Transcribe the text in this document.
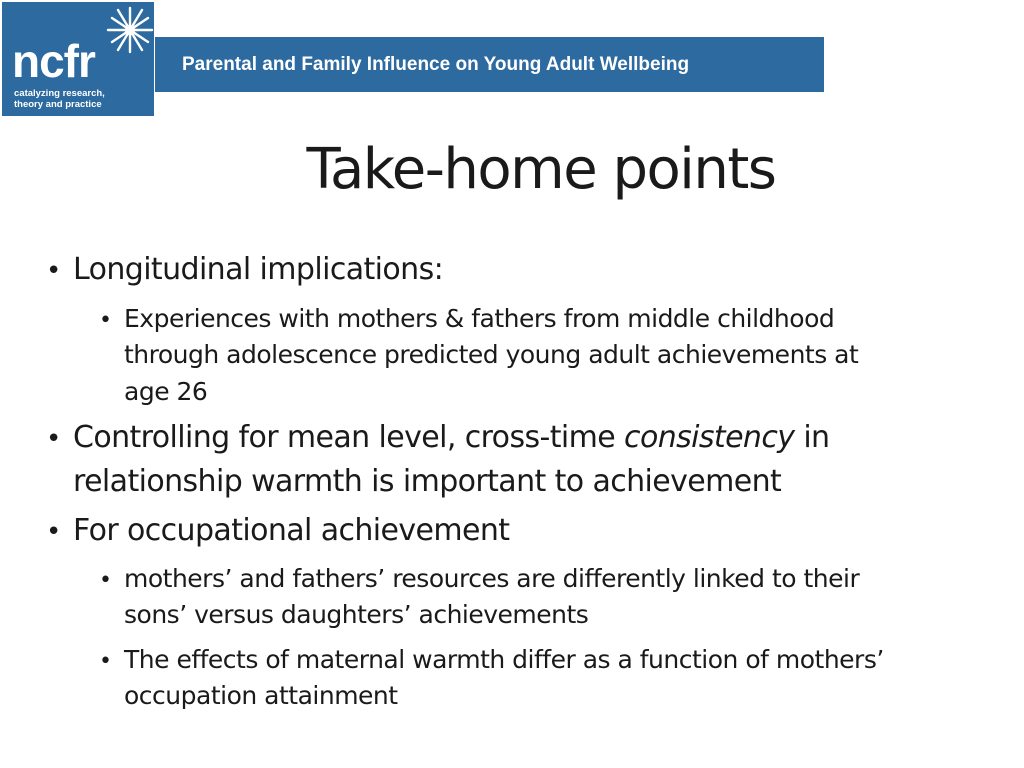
ncfr
catalyzing research,
theory and practice
Parental and Family Influence on Young Adult Wellbeing
Take-home points
• Longitudinal implications:
• Experiences with mothers & fathers from middle childhood
through adolescence predicted young adult achievements at
age 26
• Controlling for mean level, cross-time consistency in
relationship warmth is important to achievement
• For occupational achievement
• mothers’ and fathers’ resources are differently linked to their
sons’ versus daughters’ achievements
• The effects of maternal warmth differ as a function of mothers’
occupation attainment
